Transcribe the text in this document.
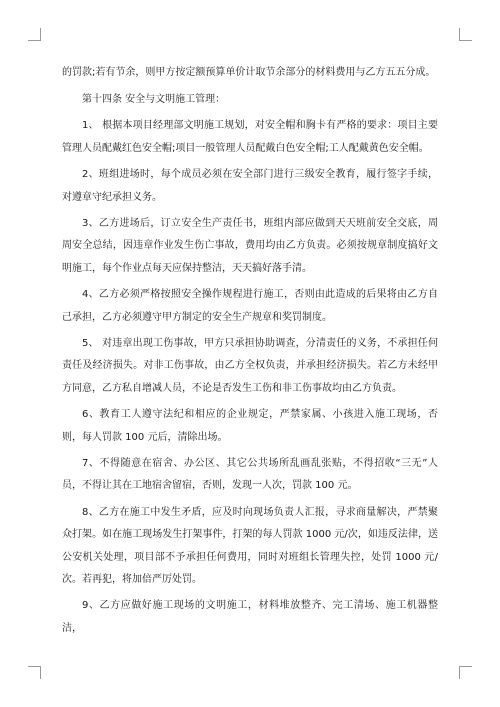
的罚款;若有节余，则甲方按定额预算单价计取节余部分的材料费用与乙方五五分成。

第十四条 安全与文明施工管理：

1、 根据本项目经理部文明施工规划，对安全帽和胸卡有严格的要求：项目主要管理人员配戴红色安全帽;项目一般管理人员配戴白色安全帽;工人配戴黄色安全帽。

2、班组进场时，每个成员必须在安全部门进行三级安全教育，履行签字手续，对遵章守纪承担义务。

3、乙方进场后，订立安全生产责任书，班组内部应做到天天班前安全交底，周周安全总结，因违章作业发生伤亡事故，费用均由乙方负责。必须按规章制度搞好文明施工，每个作业点每天应保持整洁，天天搞好落手清。

4、乙方必须严格按照安全操作规程进行施工，否则由此造成的后果将由乙方自己承担，乙方必须遵守甲方制定的安全生产规章和奖罚制度。

5、 对违章出现工伤事故，甲方只承担协助调查，分清责任的义务，不承担任何责任及经济损失。对非工伤事故，由乙方全权负责，并承担经济损失。若乙方未经甲方同意，乙方私自增减人员，不论是否发生工伤和非工伤事故均由乙方负责。

6、教育工人遵守法纪和相应的企业规定，严禁家属、小孩进入施工现场，否则，每人罚款 100 元后，清除出场。

7、不得随意在宿舍、办公区、其它公共场所乱画乱张贴，不得招收“三无”人员，不得让其在工地宿舍留宿，否则，发现一人次，罚款 100 元。

8、乙方在施工中发生矛盾，应及时向现场负责人汇报，寻求商量解决，严禁聚众打架。如在施工现场发生打架事件，打架的每人罚款 1000 元/次，如违反法律，送公安机关处理，项目部不予承担任何费用，同时对班组长管理失控，处罚 1000 元/次。若再犯，将加倍严厉处罚。

9、乙方应做好施工现场的文明施工，材料堆放整齐、完工清场、施工机器整洁，
